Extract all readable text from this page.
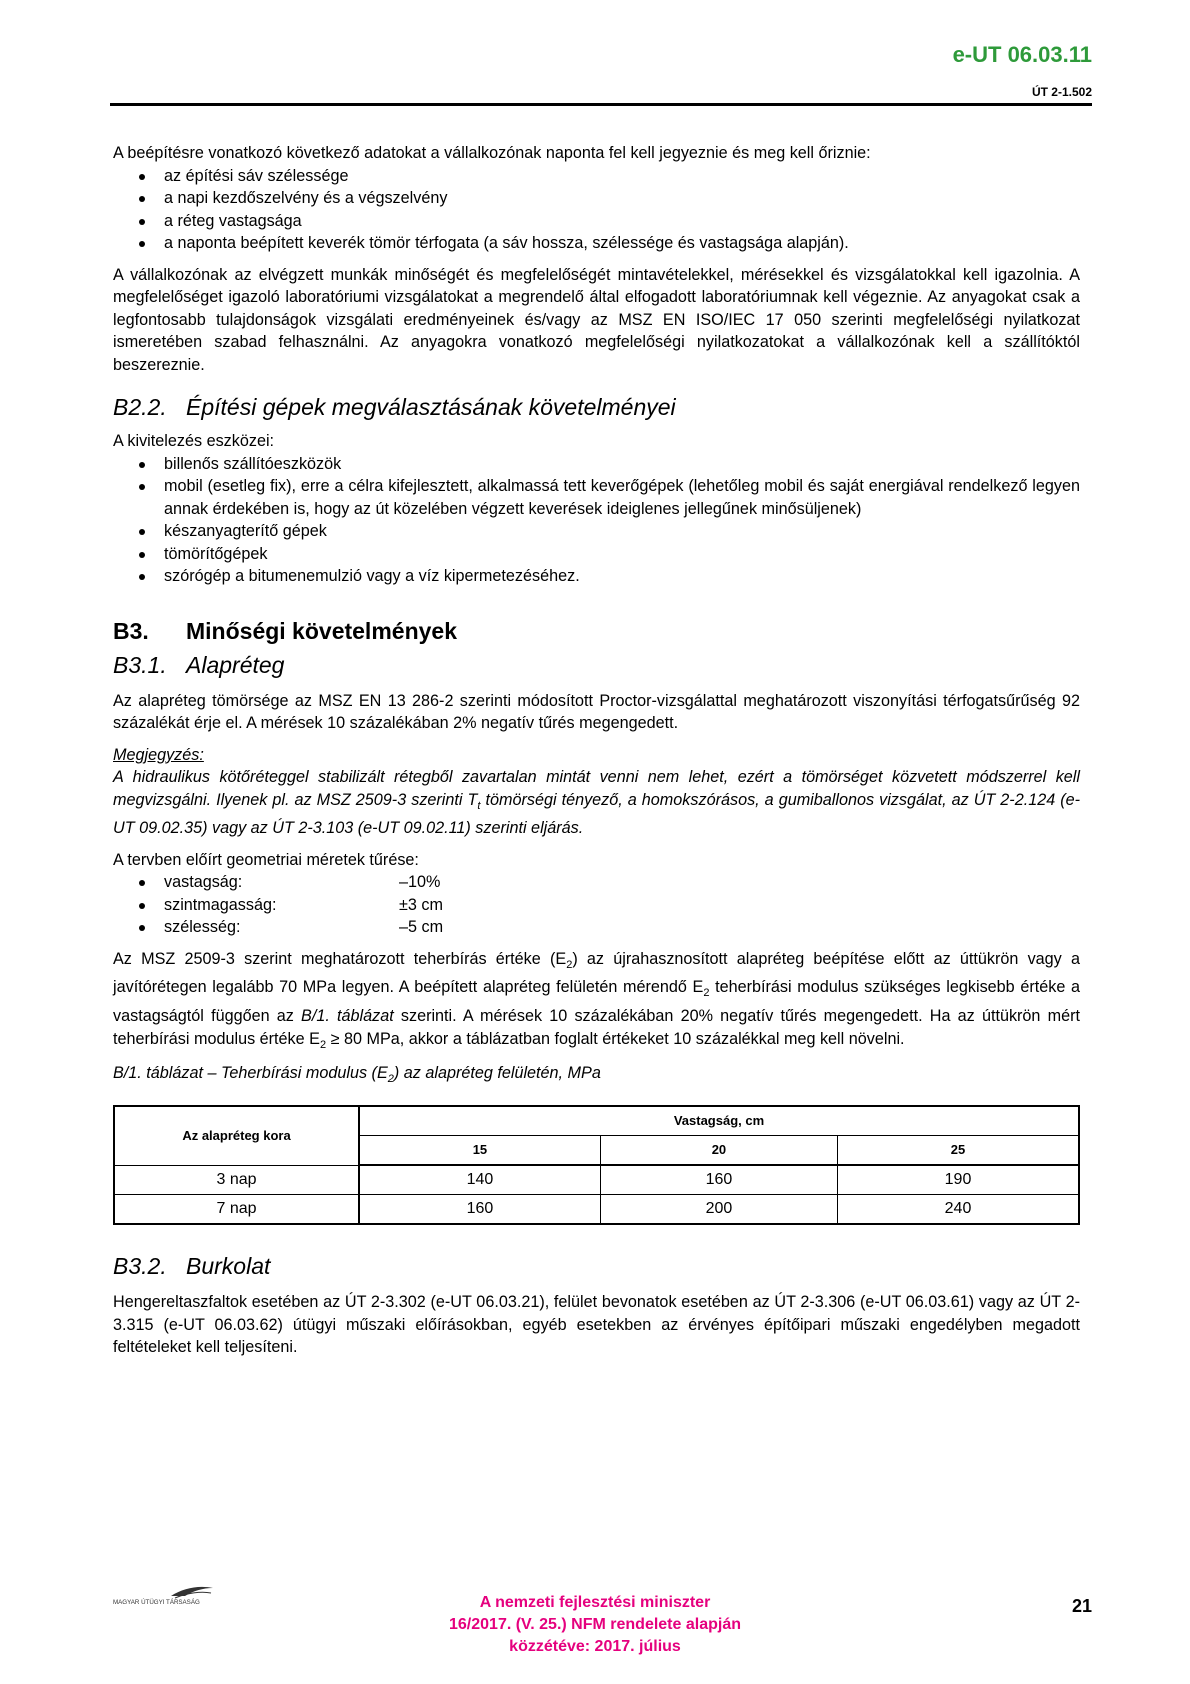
e-UT 06.03.11
ÚT 2-1.502

A beépítésre vonatkozó következő adatokat a vállalkozónak naponta fel kell jegyeznie és meg kell őriznie:

az építési sáv szélessége
a napi kezdőszelvény és a végszelvény
a réteg vastagsága
a naponta beépített keverék tömör térfogata (a sáv hossza, szélessége és vastagsága alapján).

A vállalkozónak az elvégzett munkák minőségét és megfelelőségét mintavételekkel, mérésekkel és vizsgálatokkal kell igazolnia. A megfelelőséget igazoló laboratóriumi vizsgálatokat a megrendelő által elfogadott laboratóriumnak kell végeznie. Az anyagokat csak a legfontosabb tulajdonságok vizsgálati eredményeinek és/vagy az MSZ EN ISO/IEC 17 050 szerinti megfelelőségi nyilatkozat ismeretében szabad felhasználni. Az anyagokra vonatkozó megfelelőségi nyilatkozatokat a vállalkozónak kell a szállítóktól beszereznie.

B2.2. Építési gépek megválasztásának követelményei

A kivitelezés eszközei:

billenős szállítóeszközök
mobil (esetleg fix), erre a célra kifejlesztett, alkalmassá tett keverőgépek (lehetőleg mobil és saját energiával rendelkező legyen annak érdekében is, hogy az út közelében végzett keverések ideiglenes jellegűnek minősüljenek)
készanyagterítő gépek
tömörítőgépek
szórógép a bitumenemulzió vagy a víz kipermetezéséhez.
B3. Minőségi követelmények
B3.1. Alapréteg

Az alapréteg tömörsége az MSZ EN 13 286-2 szerinti módosított Proctor-vizsgálattal meghatározott viszonyítási térfogatsűrűség 92 százalékát érje el. A mérések 10 százalékában 2% negatív tűrés megengedett.

Megjegyzés:

A hidraulikus kötőréteggel stabilizált rétegből zavartalan mintát venni nem lehet, ezért a tömörséget közvetett módszerrel kell megvizsgálni. Ilyenek pl. az MSZ 2509-3 szerinti $T_t$ tömörségi tényező, a homokszórásos, a gumiballonos vizsgálat, az ÚT 2-2.124 (e-UT 09.02.35) vagy az ÚT 2-3.103 (e-UT 09.02.11) szerinti eljárás.

A tervben előírt geometriai méretek tűrése:

vastagság:	–10%
szintmagasság:	±3 cm
szélesség:	–5 cm

Az MSZ 2509-3 szerint meghatározott teherbírás értéke $(E_2)$ az újrahasznosított alapréteg beépítése előtt az úttükrön vagy a javítórétegen legalább 70 MPa legyen. A beépített alapréteg felületén mérendő $E_2$ teherbírási modulus szükséges legkisebb értéke a vastagságtól függően az B/1. táblázat szerinti. A mérések 10 százalékában 20% negatív tűrés megengedett. Ha az úttükrön mért teherbírási modulus értéke $E_2 \ge 80$ MPa, akkor a táblázatban foglalt értékeket 10 százalékkal meg kell növelni.

B/1. táblázat – Teherbírási modulus $(E_2)$ az alapréteg felületén, MPa

Az alapréteg kora	Vastagság, cm		
	15	20	25
3 nap	140	160	190
7 nap	160	200	240
B3.2. Burkolat

Hengereltaszfaltok esetében az ÚT 2-3.302 (e-UT 06.03.21), felület bevonatok esetében az ÚT 2-3.306 (e-UT 06.03.61) vagy az ÚT 2-3.315 (e-UT 06.03.62) útügyi műszaki előírásokban, egyéb esetekben az érvényes építőipari műszaki engedélyben megadott feltételeket kell teljesíteni.

MAGYAR ÚTÜGYI TÁRSASÁG	A nemzeti fejlesztési miniszter
16/2017. (V. 25.) NFM rendelete alapján
közzétéve: 2017. július
21
